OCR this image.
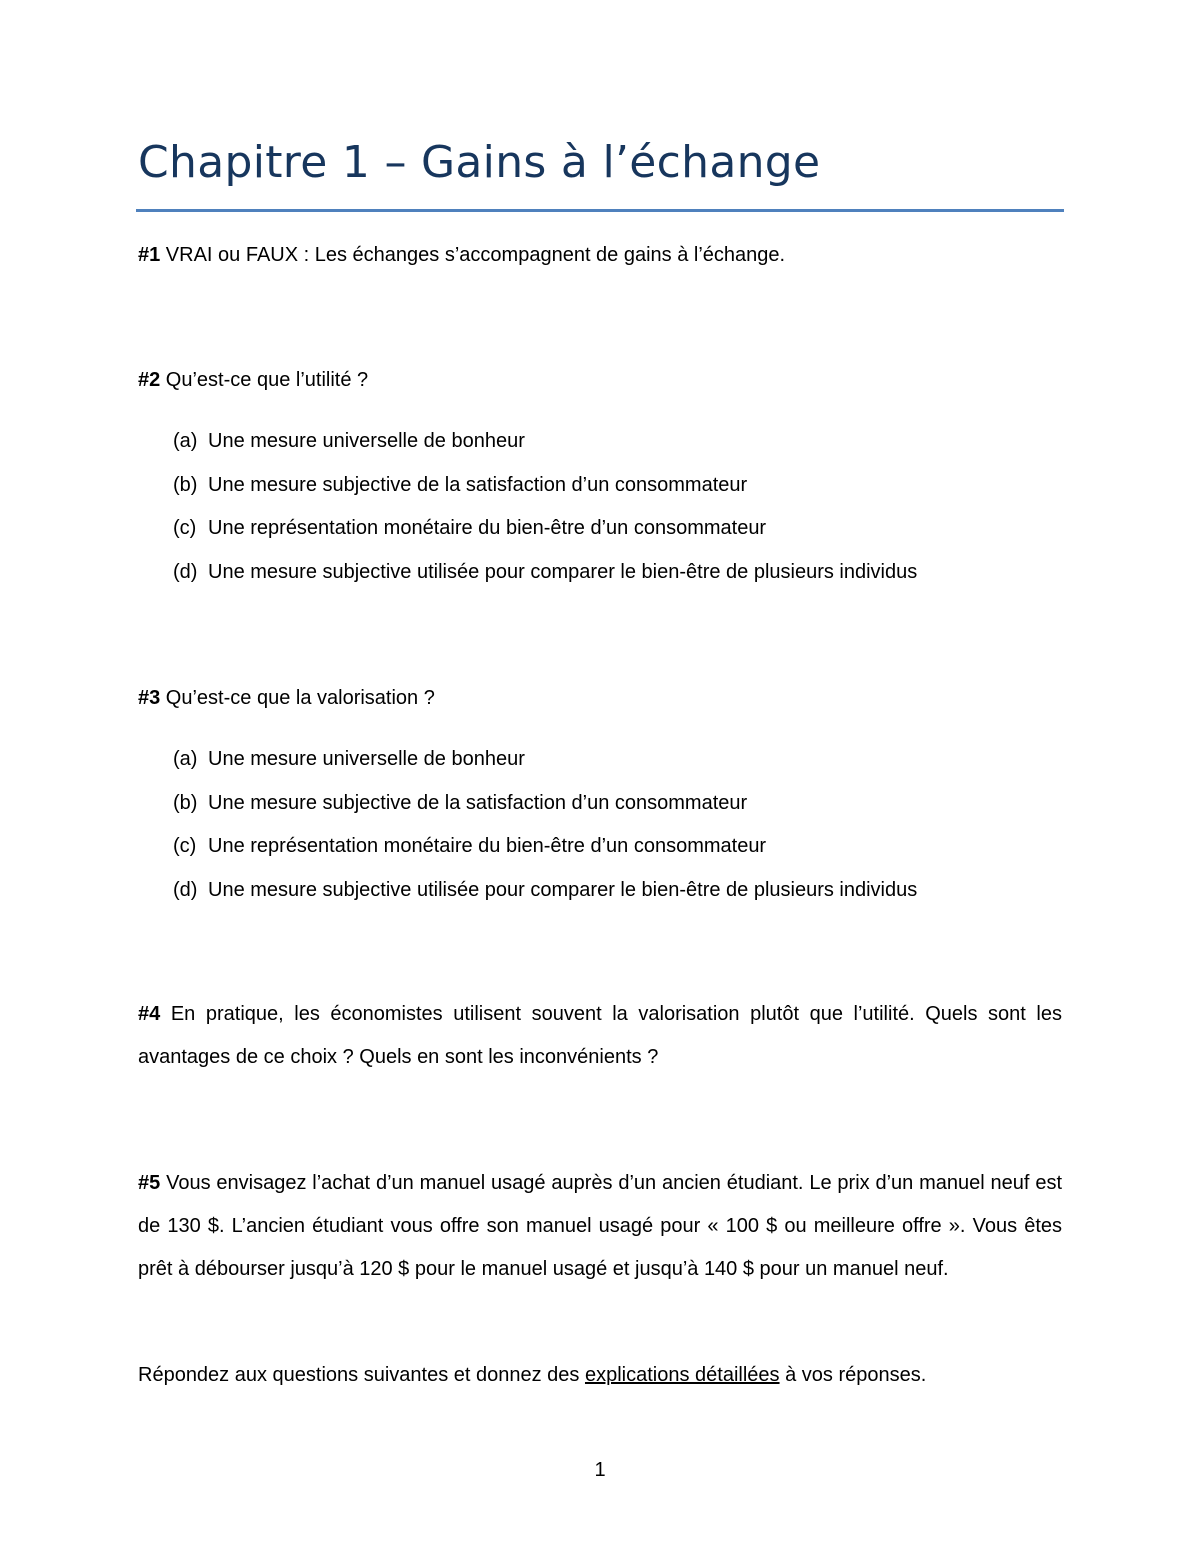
Chapitre 1 – Gains à l’échange
#1 VRAI ou FAUX : Les échanges s’accompagnent de gains à l’échange.
#2 Qu’est-ce que l’utilité ?
(a) Une mesure universelle de bonheur
(b) Une mesure subjective de la satisfaction d’un consommateur
(c) Une représentation monétaire du bien-être d’un consommateur
(d) Une mesure subjective utilisée pour comparer le bien-être de plusieurs individus
#3 Qu’est-ce que la valorisation ?
(a) Une mesure universelle de bonheur
(b) Une mesure subjective de la satisfaction d’un consommateur
(c) Une représentation monétaire du bien-être d’un consommateur
(d) Une mesure subjective utilisée pour comparer le bien-être de plusieurs individus
#4 En pratique, les économistes utilisent souvent la valorisation plutôt que l’utilité. Quels sont les avantages de ce choix ? Quels en sont les inconvénients ?
#5 Vous envisagez l’achat d’un manuel usagé auprès d’un ancien étudiant. Le prix d’un manuel neuf est de 130 $. L’ancien étudiant vous offre son manuel usagé pour « 100 $ ou meilleure offre ». Vous êtes prêt à débourser jusqu’à 120 $ pour le manuel usagé et jusqu’à 140 $ pour un manuel neuf.
Répondez aux questions suivantes et donnez des explications détaillées à vos réponses.
1
